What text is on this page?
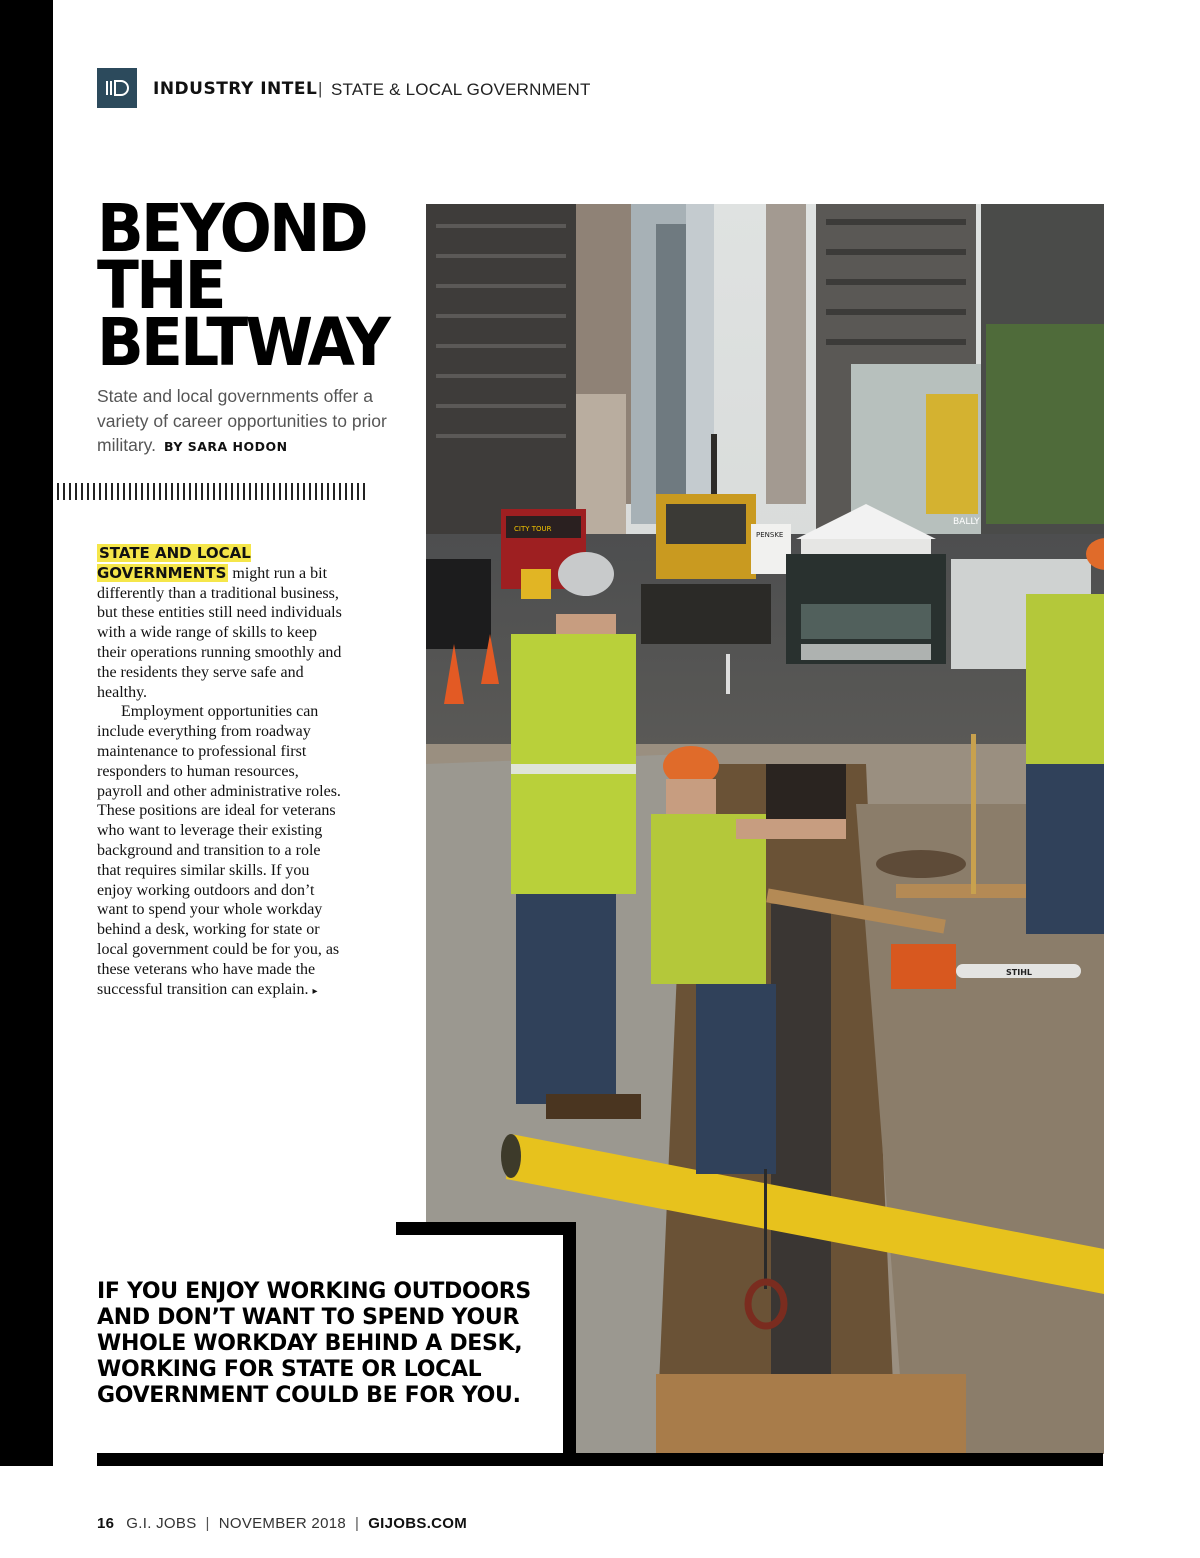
INDUSTRY INTEL | STATE & LOCAL GOVERNMENT
BEYOND
THE
BELTWAY
State and local governments offer a variety of career opportunities to prior military. BY SARA HODON

STATE AND LOCAL GOVERNMENTS might run a bit differently than a traditional business, but these entities still need individuals with a wide range of skills to keep their operations running smoothly and the residents they serve safe and healthy.

Employment opportunities can include everything from roadway maintenance to professional first responders to human resources, payroll and other administrative roles. These positions are ideal for veterans who want to leverage their existing background and transition to a role that requires similar skills. If you enjoy working outdoors and don’t want to spend your whole workday behind a desk, working for state or local government could be for you, as these veterans who have made the successful transition can explain. ▸

BALLY
CITY TOUR
PENSKE
STIHL
IF YOU ENJOY WORKING OUTDOORS AND DON’T WANT TO SPEND YOUR WHOLE WORKDAY BEHIND A DESK, WORKING FOR STATE OR LOCAL GOVERNMENT COULD BE FOR YOU.
16 G.I. JOBS | NOVEMBER 2018 | GIJOBS.COM
